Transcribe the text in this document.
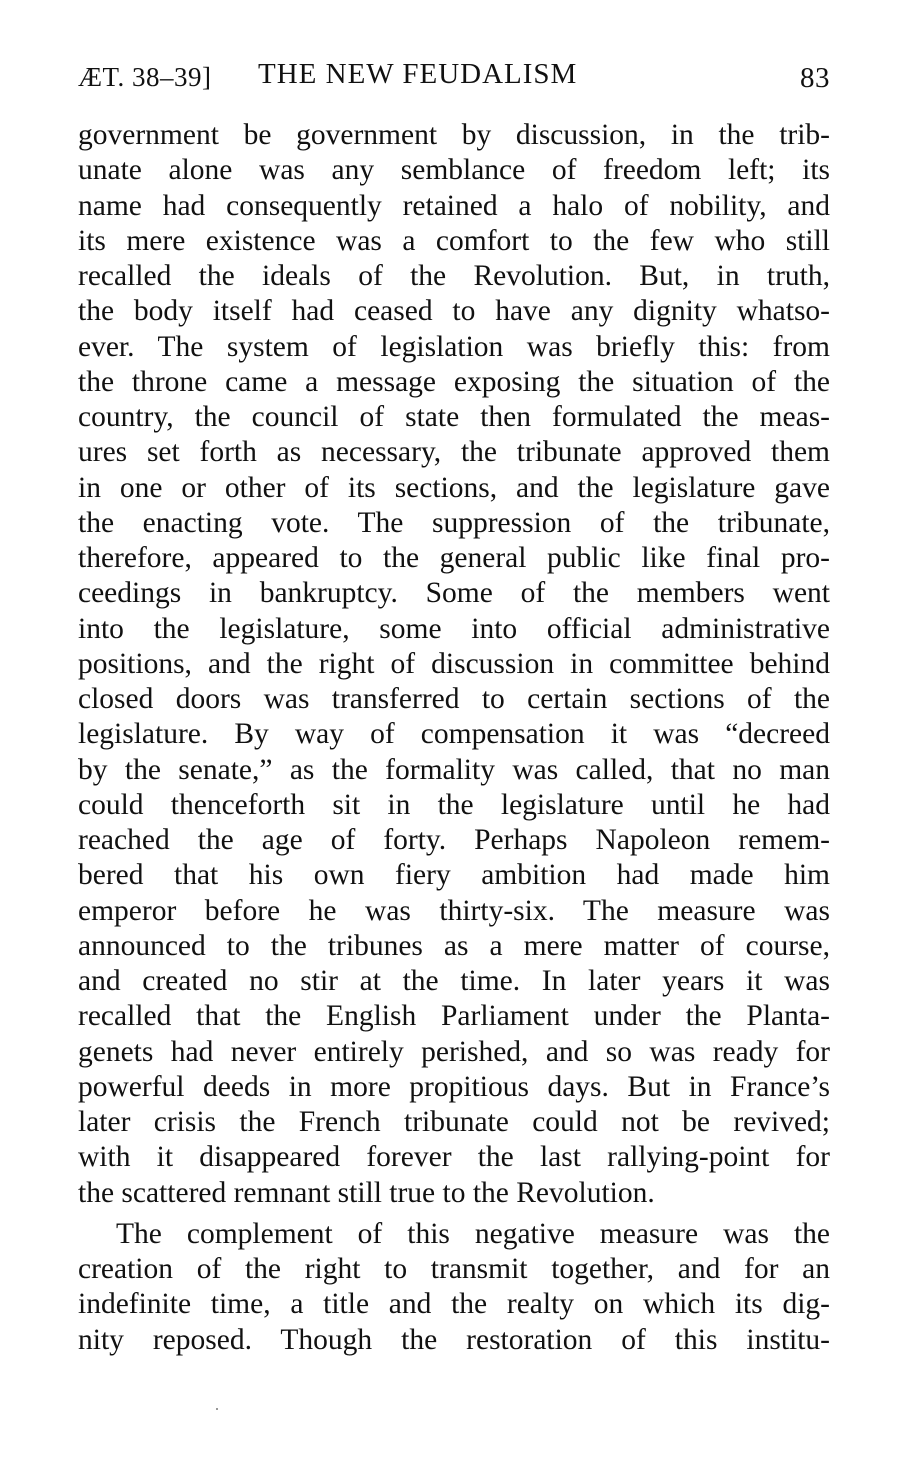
ÆT. 38–39] THE NEW FEUDALISM	83
government be government by discussion, in the trib-
unate alone was any semblance of freedom left; its
name had consequently retained a halo of nobility, and
its mere existence was a comfort to the few who still
recalled the ideals of the Revolution. But, in truth,
the body itself had ceased to have any dignity whatso-
ever. The system of legislation was briefly this: from
the throne came a message exposing the situation of the
country, the council of state then formulated the meas-
ures set forth as necessary, the tribunate approved them
in one or other of its sections, and the legislature gave
the enacting vote. The suppression of the tribunate,
therefore, appeared to the general public like final pro-
ceedings in bankruptcy. Some of the members went
into the legislature, some into official administrative
positions, and the right of discussion in committee behind
closed doors was transferred to certain sections of the
legislature. By way of compensation it was “decreed
by the senate,” as the formality was called, that no man
could thenceforth sit in the legislature until he had
reached the age of forty. Perhaps Napoleon remem-
bered that his own fiery ambition had made him
emperor before he was thirty-six. The measure was
announced to the tribunes as a mere matter of course,
and created no stir at the time. In later years it was
recalled that the English Parliament under the Planta-
genets had never entirely perished, and so was ready for
powerful deeds in more propitious days. But in France’s
later crisis the French tribunate could not be revived;
with it disappeared forever the last rallying-point for
the scattered remnant still true to the Revolution.
The complement of this negative measure was the
creation of the right to transmit together, and for an
indefinite time, a title and the realty on which its dig-
nity reposed. Though the restoration of this institu-
